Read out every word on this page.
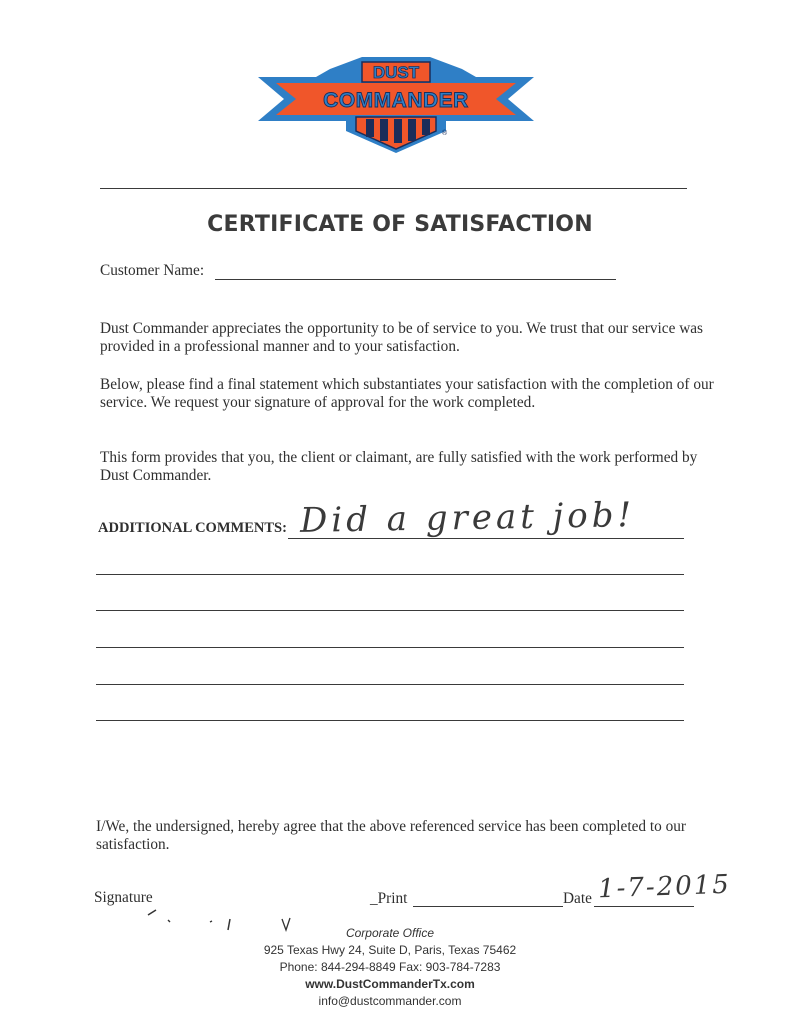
DUST
COMMANDER
®
CERTIFICATE OF SATISFACTION
Customer Name:
Dust Commander appreciates the opportunity to be of service to you. We trust that our service was provided in a professional manner and to your satisfaction.
Below, please find a final statement which substantiates your satisfaction with the completion of our service. We request your signature of approval for the work completed.
This form provides that you, the client or claimant, are fully satisfied with the work performed by Dust Commander.
ADDITIONAL COMMENTS: Did a great job!
I/We, the undersigned, hereby agree that the above referenced service has been completed to our satisfaction.
Signature	_Print	Date 1-7-2015
Corporate Office
925 Texas Hwy 24, Suite D, Paris, Texas 75462
Phone: 844-294-8849 Fax: 903-784-7283
www.DustCommanderTx.com
info@dustcommander.com
